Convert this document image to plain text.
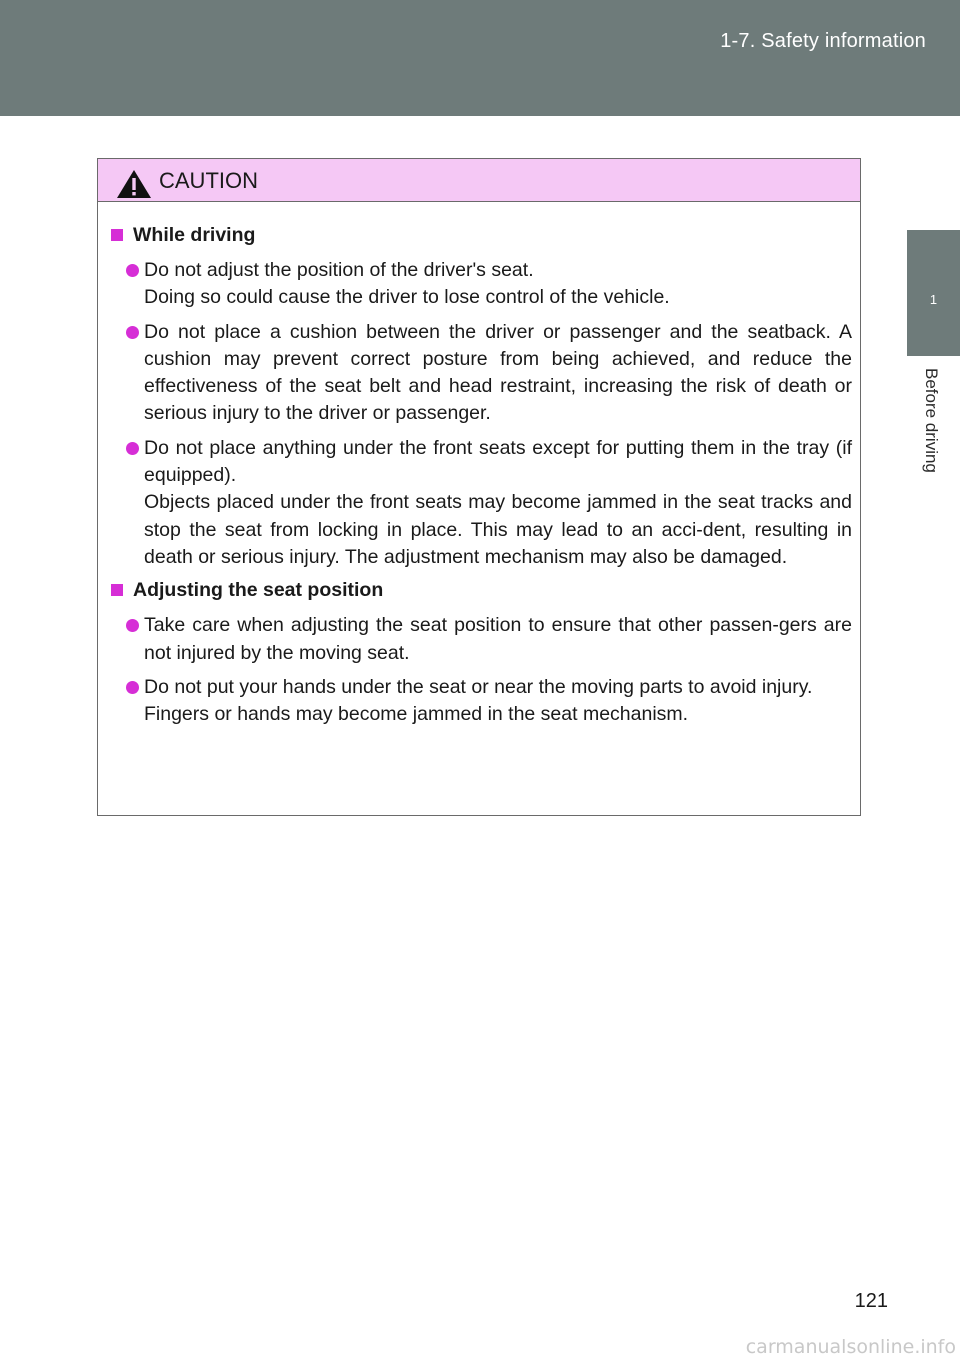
1-7. Safety information
1
Before driving
CAUTION
While driving

Do not adjust the position of the driver's seat.

Doing so could cause the driver to lose control of the vehicle.

Do not place a cushion between the driver or passenger and the seatback. A cushion may prevent correct posture from being achieved, and reduce the effectiveness of the seat belt and head restraint, increasing the risk of death or serious injury to the driver or passenger.

Do not place anything under the front seats except for putting them in the tray (if equipped).

Objects placed under the front seats may become jammed in the seat tracks and stop the seat from locking in place. This may lead to an acci-dent, resulting in death or serious injury. The adjustment mechanism may also be damaged.

Adjusting the seat position

Take care when adjusting the seat position to ensure that other passen-gers are not injured by the moving seat.

Do not put your hands under the seat or near the moving parts to avoid injury.

Fingers or hands may become jammed in the seat mechanism.

121
carmanualsonline.info
